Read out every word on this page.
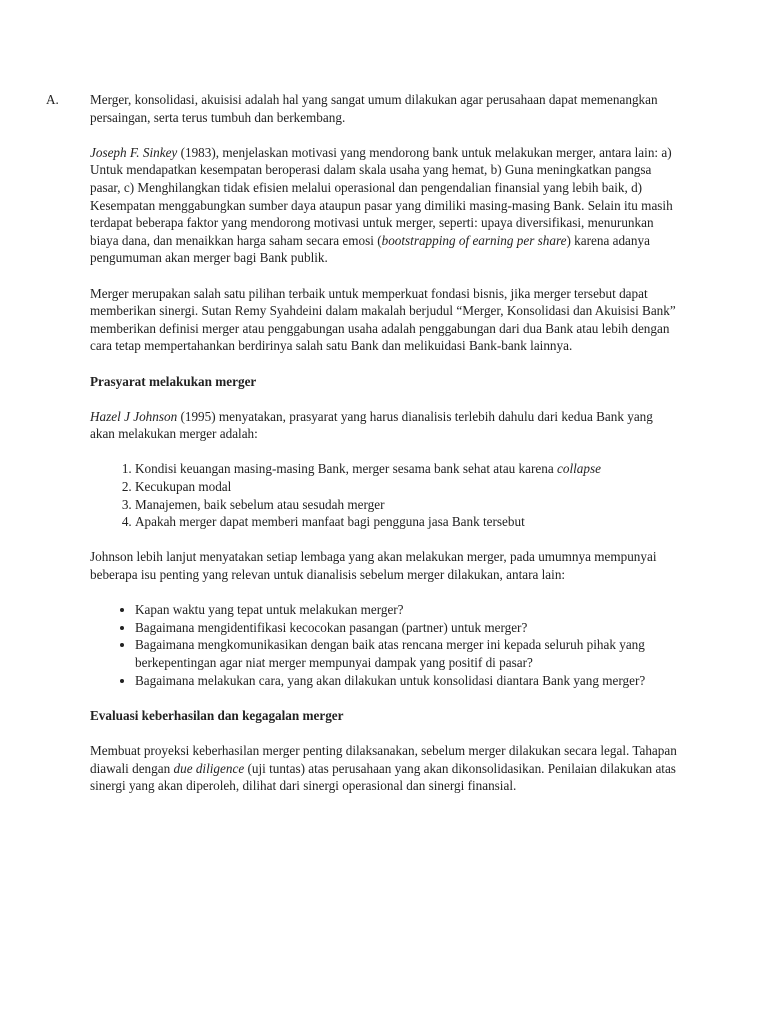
A. Merger, konsolidasi, akuisisi adalah hal yang sangat umum dilakukan agar perusahaan dapat memenangkan persaingan, serta terus tumbuh dan berkembang.

Joseph F. Sinkey (1983), menjelaskan motivasi yang mendorong bank untuk melakukan merger, antara lain: a) Untuk mendapatkan kesempatan beroperasi dalam skala usaha yang hemat, b) Guna meningkatkan pangsa pasar, c) Menghilangkan tidak efisien melalui operasional dan pengendalian finansial yang lebih baik, d) Kesempatan menggabungkan sumber daya ataupun pasar yang dimiliki masing-masing Bank. Selain itu masih terdapat beberapa faktor yang mendorong motivasi untuk merger, seperti: upaya diversifikasi, menurunkan biaya dana, dan menaikkan harga saham secara emosi (bootstrapping of earning per share) karena adanya pengumuman akan merger bagi Bank publik.

Merger merupakan salah satu pilihan terbaik untuk memperkuat fondasi bisnis, jika merger tersebut dapat memberikan sinergi. Sutan Remy Syahdeini dalam makalah berjudul “Merger, Konsolidasi dan Akuisisi Bank” memberikan definisi merger atau penggabungan usaha adalah penggabungan dari dua Bank atau lebih dengan cara tetap mempertahankan berdirinya salah satu Bank dan melikuidasi Bank-bank lainnya.

Prasyarat melakukan merger

Hazel J Johnson (1995) menyatakan, prasyarat yang harus dianalisis terlebih dahulu dari kedua Bank yang akan melakukan merger adalah:

1. Kondisi keuangan masing-masing Bank, merger sesama bank sehat atau karena collapse
2. Kecukupan modal
3. Manajemen, baik sebelum atau sesudah merger
4. Apakah merger dapat memberi manfaat bagi pengguna jasa Bank tersebut

Johnson lebih lanjut menyatakan setiap lembaga yang akan melakukan merger, pada umumnya mempunyai beberapa isu penting yang relevan untuk dianalisis sebelum merger dilakukan, antara lain:

• Kapan waktu yang tepat untuk melakukan merger?
• Bagaimana mengidentifikasi kecocokan pasangan (partner) untuk merger?
• Bagaimana mengkomunikasikan dengan baik atas rencana merger ini kepada seluruh pihak yang berkepentingan agar niat merger mempunyai dampak yang positif di pasar?
• Bagaimana melakukan cara, yang akan dilakukan untuk konsolidasi diantara Bank yang merger?
Evaluasi keberhasilan dan kegagalan merger

Membuat proyeksi keberhasilan merger penting dilaksanakan, sebelum merger dilakukan secara legal. Tahapan diawali dengan due diligence (uji tuntas) atas perusahaan yang akan dikonsolidasikan. Penilaian dilakukan atas sinergi yang akan diperoleh, dilihat dari sinergi operasional dan sinergi finansial.
